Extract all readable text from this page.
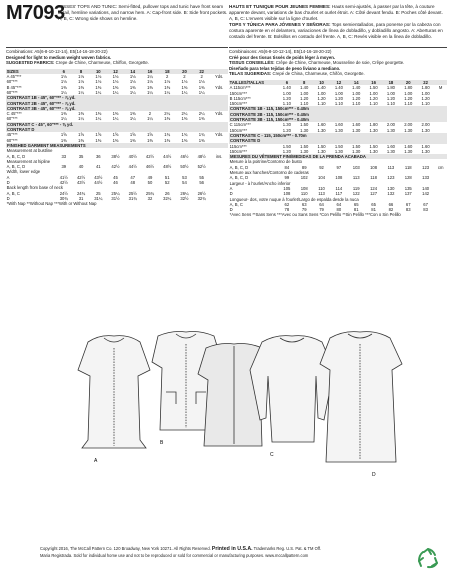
M7093
MISSES' TOPS AND TUNIC: Semi-fitted, pullover tops and tunic have front seam detail, hemline variations, and narrow hem. A: Cap-front side. B: Side front pockets. A, B, C: Wrong side shows on hemline.
HAUTS ET TUNIQUE POUR JEUNES FEMMES: Hauts semi-ajustés, à passer par la tête, à couture apparente devant, variations de bas d'ourlet et ourlet étroit. A: Côté devant fendu. B: Poches côté devant. A, B, C: L'envers visible sur la ligne d'ourlet.
TOPS Y TÚNICA PARA JÓVENES Y SEÑORAS: Tops semientallados, para ponerse por la cabeza con costura aparente en el delantero, variaciones de línea de dobladillo, y dobladillo angosto. A: Aberturas en costado del frente. B: Bolsillos en costado del frente. A, B, C: Revés visible en la línea de dobladillo.
Combinations: A5(6-8-10-12-14), E5(14-16-18-20-22)
Designed for light to medium weight woven fabrics.
SUGGESTED FABRICS: Crepe de Chine, Charmeuse, Chiffon, Georgette.
SIZES	6	8	10	12	14	16	18	20	22	
A 45"***	1⅛	1⅛	1⅛	1⅛	1⅛	1¼	2	2	2	Yds.
60"***	1⅛	1⅛	1⅛	1⅛	1⅛	1⅛	1⅛	1⅛	1⅛	
B 45"***	1⅜	1⅜	1⅜	1⅜	1⅜	1⅜	1⅜	1⅜	1⅜	Yds.
60"***	1¼	1¼	1¼	1¼	1¼	1¼	1¼	1¼	1¼	
CONTRAST 1B - 45", 60"*** - ⅞ yd.										
CONTRAST 2B - 45", 60"*** - ⅞ yd.										
CONTRAST 3B - 45", 60"*** - ⅞ yd.										
C 45"***	1⅜	1⅜	1⅜	1⅜	1⅜	2	2¼	2¼	2¼	Yds.
60"***	1¼	1¼	1¼	1¼	1¼	1¼	1⅜	1⅜	1⅜	
CONTRAST C - 45", 60"*** - ⅝ yd.										
CONTRAST D										
45"***	1⅝	1⅝	1⅝	1⅝	1⅝	1⅝	1¾	1¾	1¾	Yds.
60"***	1⅜	1⅜	1⅜	1⅜	1⅜	1⅜	1⅜	1⅜	1⅜	
FINISHED GARMENT MEASUREMENTS										
Measurement at bustline										
A, B, C, D	33	35	36	38½	40½	42½	44½	46½	48½	ins.
Measurement at hipline										
A, B, C, D	39	40	41	42½	44½	46½	48½	50½	52½	
Width, lower edge										
A	41½	42½	43½	45	47	49	51	53	55	
D	42½	43½	44½	46	48	50	52	54	56	
Back length from base of neck										
A, B, C	24½	24¾	25	25¼	25½	25¾	26	26¼	26½	
D	30¾	31	31¼	31½	31¾	32	32¼	32½	32¾	
*With Nap **Without Nap ***With or Without Nap										
Combinaisons: A5(6-8-10-12-14), E5(14-16-18-20-22)
Créé pour des tissus tissés de poids léger à moyen.
TISSUS CONSEILLÉS: Crêpe de Chine, Charmeuse, Mousseline de soie, Crêpe georgette.
Diseñado para telas tejidas de peso liviano a mediano.
TELAS SUGERIDAS: Crepé de China, Charmeuse, Chifón, Georgette.
TAILLES/TALLAS	6	8	10	12	14	16	18	20	22	
A 115cm***	1.40	1.40	1.40	1.40	1.40	1.50	1.80	1.80	1.80	M
150cm***	1.00	1.00	1.00	1.00	1.00	1.00	1.00	1.00	1.00	
B 115cm***	1.20	1.20	1.20	1.20	1.20	1.20	1.20	1.20	1.20	
150cm***	1.10	1.10	1.10	1.10	1.10	1.10	1.10	1.10	1.10	
CONTRASTE 1B - 115, 150cm*** - 0.40m										
CONTRASTE 2B - 115, 150cm*** - 0.40m										
CONTRASTE 3B - 115, 150cm*** - 0.40m										
C 115cm***	1.30	1.50	1.60	1.60	1.60	1.80	2.00	2.00	2.00	
150cm***	1.20	1.30	1.30	1.30	1.30	1.30	1.30	1.30	1.30	
CONTRASTE C - 115, 150cm*** - 0.70m										
CONTRASTE D										
115cm***	1.50	1.50	1.50	1.50	1.50	1.50	1.60	1.60	1.60	
150cm***	1.20	1.30	1.30	1.30	1.30	1.30	1.30	1.30	1.30	
MESURES DU VÊTEMENT FINI/MEDIDAS DE LA PRENDA ACABADA										
Mesure à la poitrine/Contorno de busto										
A, B, C, D	84	89	92	97	103	108	113	118	123	cm
Mesure aux hanches/Contorno de caderas										
A, B, C, D	99	102	104	108	113	118	123	128	133	
Largeur - à l'ourlet/Ancho inferior										
A	105	108	110	114	119	124	130	135	140	
D	108	110	113	117	122	127	132	137	142	
Longueur- dos, votre nuque à l'ourlet/Largo de espalda desde la nuca										
A, B, C	62	63	64	64	65	65	66	67	67	
D	78	79	79	80	81	81	82	83	83	
*Avec Sens **Sans Sens ***Avec ou Sans Sens *Con Pelillo **Sin Pelillo ***Con o Sin Pelillo										
A
B
C
D
Copyright 2016, The McCall Pattern Co. 120 Broadway, New York 10271. All Rights Reserved. Printed in U.S.A. Trademarks Reg. U.S. Pat. & TM Off.
Maria Registrada. Sold for individual home use and not to be reproduced or sold for commercial or manufacturing purposes. www.mccallpattern.com
